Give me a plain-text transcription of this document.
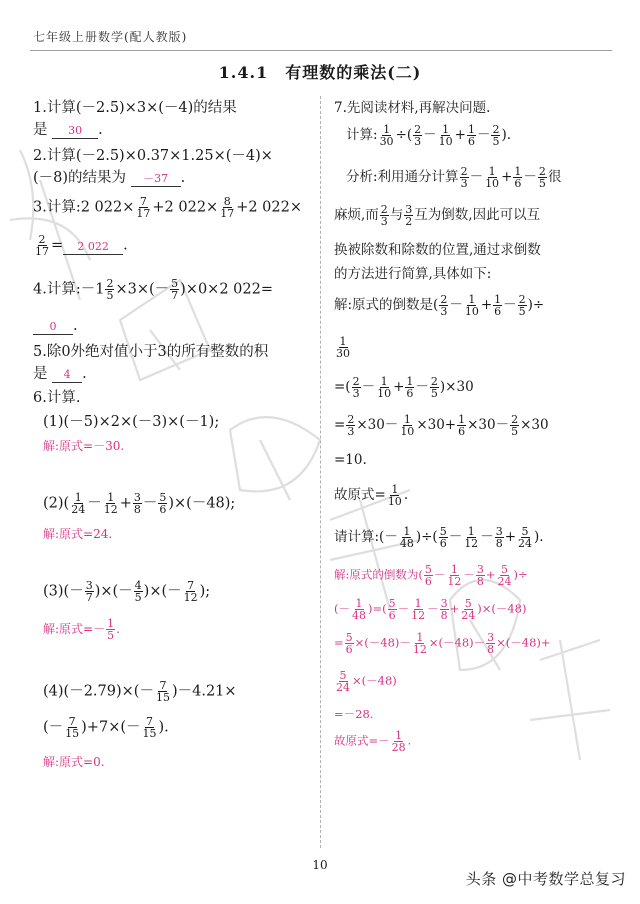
七年级上册数学(配人教版)
1.4.1　有理数的乘法(二)
1.计算(－2.5)×3×(－4)的结果
是 30 .
2.计算(－2.5)×0.37×1.25×(－4)×
(－8)的结果为 －37 .
3.计算:2 $022\times \frac{7}{17} +2$ $022\times \frac{8}{17} +2$ 022×
$\frac{2}{17} = 2$ 022 .
4.计算:－1 $\frac{2}{5} \times 3\times(- \frac{5}{7} )\times 0\times 2$ 022=
0 .
5.除0外绝对值小于3的所有整数的积
是 4 .
6.计算.
(1)(－5)×2×(－3)×(－1);
解:原式=－30.
$(2)( \frac{1}{24} - \frac{1}{12} + \frac{3}{8} - \frac{5}{6} )\times(-48)$;
解:原式=24.
$(3)(- \frac{3}{7}$ )×(－ $\frac{4}{5}$ )×(－ $\frac{7}{12}$ );
解:原式=－ $\frac{1}{5}$ .
$(4)(-2.79)\times(- \frac{7}{15} )-4.21\times$
(－ $\frac{7}{15} )+7\times(- \frac{7}{15}$ ).
解:原式=0.
7.先阅读材料,再解决问题.
计算: $\frac{1}{30}$ ÷( $\frac{2}{3} - \frac{1}{10} + \frac{1}{6} - \frac{2}{5}$ ).
分析:利用通分计算 $\frac{2}{3} - \frac{1}{10} + \frac{1}{6} - \frac{2}{5}$ 很
麻烦,而 $\frac{2}{3}$ 与 $\frac{3}{2}$ 互为倒数,因此可以互
换被除数和除数的位置,通过求倒数
的方法进行简算,具体如下:
解:原式的倒数是( $\frac{2}{3} - \frac{1}{10} + \frac{1}{6} - \frac{2}{5}$ )÷
$\frac{1}{30}$
=( $\frac{2}{3} - \frac{1}{10} + \frac{1}{6} - \frac{2}{5} )\times 30$
= $\frac{2}{3} \times 30- \frac{1}{10} \times 30+ \frac{1}{6} \times 30- \frac{2}{5} \times 30$
=10.
故原式= $\frac{1}{10}$ .
请计算:(－ $\frac{1}{48}$ )÷( $\frac{5}{6} - \frac{1}{12} - \frac{3}{8} + \frac{5}{24}$ ).
解:原式的倒数为( $\frac{5}{6} - \frac{1}{12} - \frac{3}{8} + \frac{5}{24}$ )÷
(－ $\frac{1}{48}$ )=( $\frac{5}{6} - \frac{1}{12} - \frac{3}{8} + \frac{5}{24} )\times(-48)$
= $\frac{5}{6} \times(-48)- \frac{1}{12} \times(-48)- \frac{3}{8} \times(-48)+$
$\frac{5}{24} \times(-48)$
=－28.
故原式=－ $\frac{1}{28}$ .
10
头条 @中考数学总复习
